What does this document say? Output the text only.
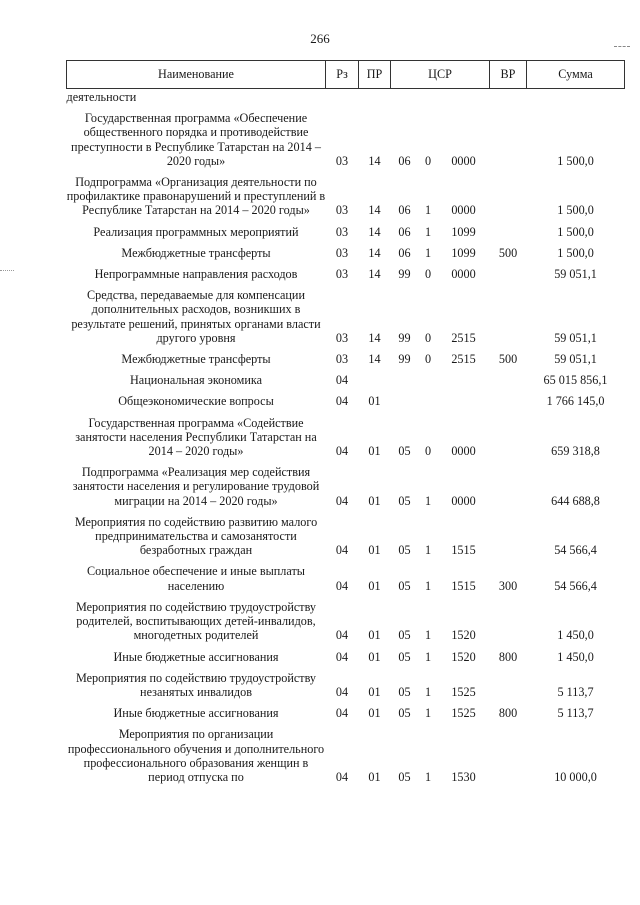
266
Наименование	Рз	ПР	ЦСР			ВР	Сумма
деятельности							
Государственная программа «Обеспечение общественного порядка и противодействие преступности в Республике Татарстан на 2014 – 2020 годы»	03	14	06	0	0000		1 500,0
Подпрограмма «Организация деятельности по профилактике правонарушений и преступлений в Республике Татарстан на 2014 – 2020 годы»	03	14	06	1	0000		1 500,0
Реализация программных мероприятий	03	14	06	1	1099		1 500,0
Межбюджетные трансферты	03	14	06	1	1099	500	1 500,0
Непрограммные направления расходов	03	14	99	0	0000		59 051,1
Средства, передаваемые для компенсации дополнительных расходов, возникших в результате решений, принятых органами власти другого уровня	03	14	99	0	2515		59 051,1
Межбюджетные трансферты	03	14	99	0	2515	500	59 051,1
Национальная экономика	04						65 015 856,1
Общеэкономические вопросы	04	01					1 766 145,0
Государственная программа «Содействие занятости населения Республики Татарстан на 2014 – 2020 годы»	04	01	05	0	0000		659 318,8
Подпрограмма «Реализация мер содействия занятости населения и регулирование трудовой миграции на 2014 – 2020 годы»	04	01	05	1	0000		644 688,8
Мероприятия по содействию развитию малого предпринимательства и самозанятости безработных граждан	04	01	05	1	1515		54 566,4
Социальное обеспечение и иные выплаты населению	04	01	05	1	1515	300	54 566,4
Мероприятия по содействию трудоустройству родителей, воспитывающих детей-инвалидов, многодетных родителей	04	01	05	1	1520		1 450,0
Иные бюджетные ассигнования	04	01	05	1	1520	800	1 450,0
Мероприятия по содействию трудоустройству незанятых инвалидов	04	01	05	1	1525		5 113,7
Иные бюджетные ассигнования	04	01	05	1	1525	800	5 113,7
Мероприятия по организации профессионального обучения и дополнительного профессионального образования женщин в период отпуска по	04	01	05	1	1530		10 000,0
